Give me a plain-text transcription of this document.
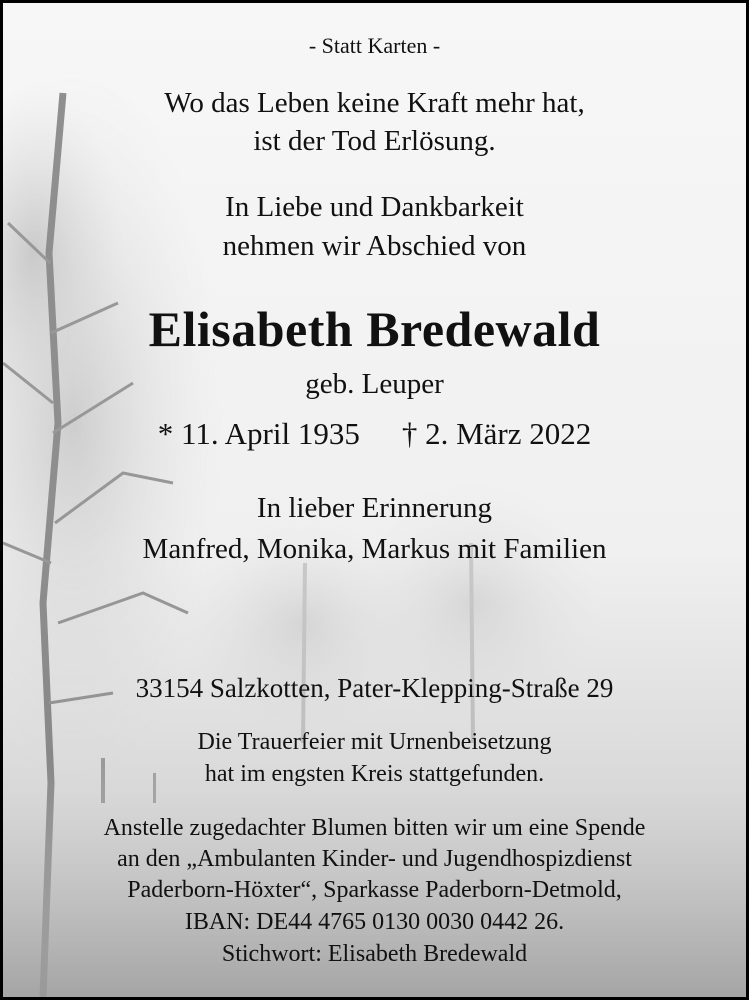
- Statt Karten -
Wo das Leben keine Kraft mehr hat,
ist der Tod Erlösung.
In Liebe und Dankbarkeit
nehmen wir Abschied von
Elisabeth Bredewald
geb. Leuper
* 11. April 1935 † 2. März 2022
In lieber Erinnerung
Manfred, Monika, Markus mit Familien
33154 Salzkotten, Pater-Klepping-Straße 29
Die Trauerfeier mit Urnenbeisetzung
hat im engsten Kreis stattgefunden.
Anstelle zugedachter Blumen bitten wir um eine Spende
an den „Ambulanten Kinder- und Jugendhospizdienst
Paderborn-Höxter“, Sparkasse Paderborn-Detmold,
IBAN: DE44 4765 0130 0030 0442 26.
Stichwort: Elisabeth Bredewald
